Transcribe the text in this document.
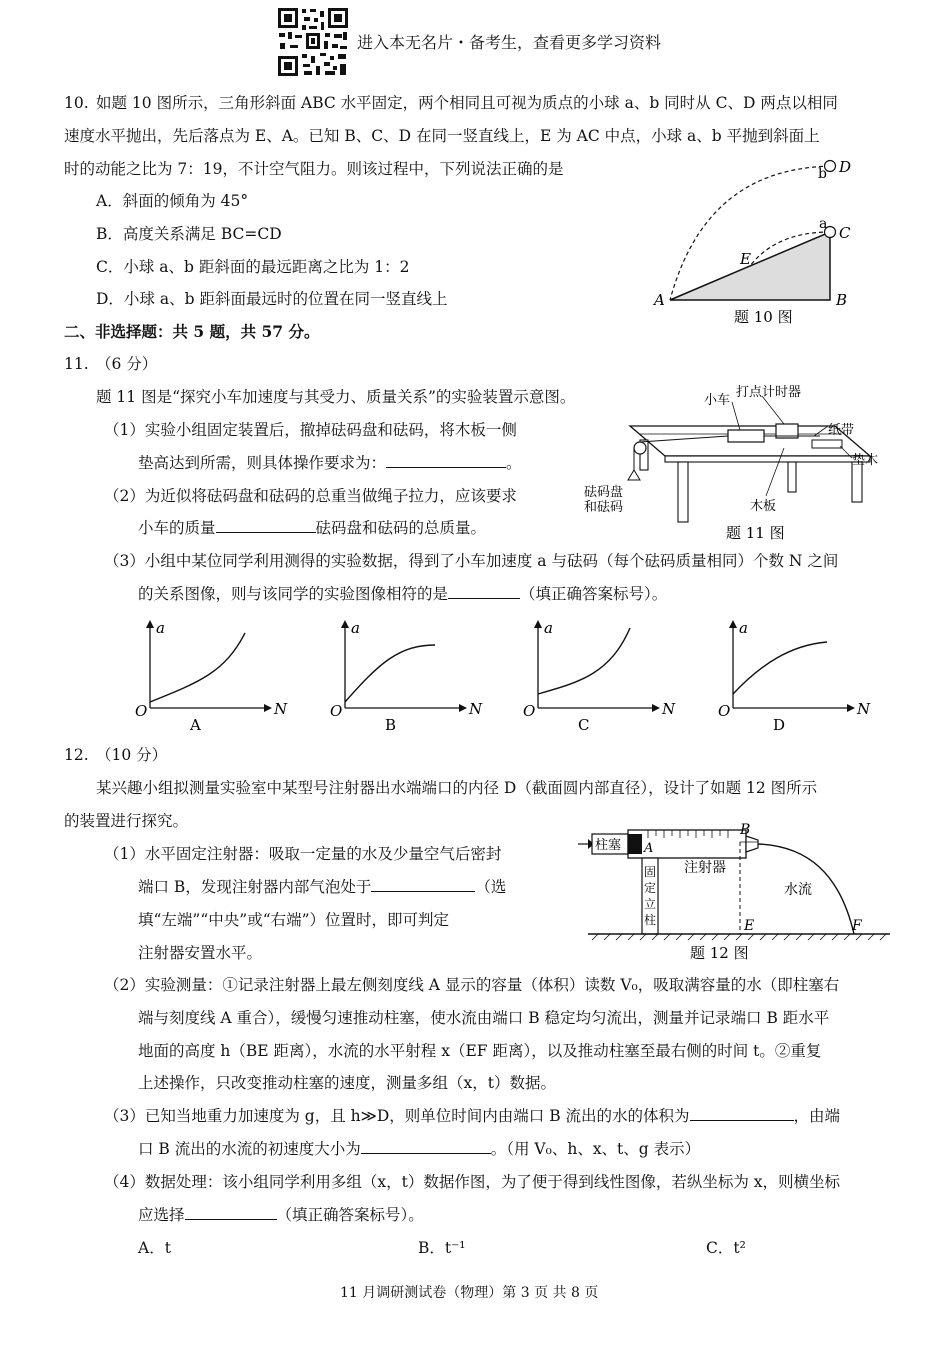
进入本无名片・备考生，查看更多学习资料
10. 如题 10 图所示，三角形斜面 ABC 水平固定，两个相同且可视为质点的小球 a、b 同时从 C、D 两点以相同
速度水平抛出，先后落点为 E、A。已知 B、C、D 在同一竖直线上，E 为 AC 中点，小球 a、b 平抛到斜面上
时的动能之比为 7：19，不计空气阻力。则该过程中，下列说法正确的是
A．斜面的倾角为 45°
B．高度关系满足 BC=CD
C．小球 a、b 距斜面的最远距离之比为 1：2
D．小球 a、b 距斜面最远时的位置在同一竖直线上
D
b
C
a
E
A	B
题 10 图
二、非选择题：共 5 题，共 57 分。
11. （6 分）
题 11 图是“探究小车加速度与其受力、质量关系”的实验装置示意图。
（1）实验小组固定装置后，撤掉砝码盘和砝码，将木板一侧
垫高达到所需，则具体操作要求为：	。
（2）为近似将砝码盘和砝码的总重当做绳子拉力，应该要求
小车的质量	砝码盘和砝码的总质量。
（3）小组中某位同学利用测得的实验数据，得到了小车加速度 a 与砝码（每个砝码质量相同）个数 N 之间
的关系图像，则与该同学的实验图像相符的是	（填正确答案标号）。
小车
打点计时器
纸带
垫木
木板
砝码盘
和砝码
题 11 图
a
N
O
A
a
N
O
B
a
N
O
C
a
N
O
D
12. （10 分）
某兴趣小组拟测量实验室中某型号注射器出水端端口的内径 D（截面圆内部直径），设计了如题 12 图所示
的装置进行探究。
（1）水平固定注射器：吸取一定量的水及少量空气后密封
端口 B，发现注射器内部气泡处于	（选
填“左端”“中央”或“右端”）位置时，即可判定
注射器安置水平。
柱塞 A
B
注射器
固
定
立
柱	E
水流
F
题 12 图
（2）实验测量：①记录注射器上最左侧刻度线 A 显示的容量（体积）读数 V₀，吸取满容量的水（即柱塞右
端与刻度线 A 重合），缓慢匀速推动柱塞，使水流由端口 B 稳定均匀流出，测量并记录端口 B 距水平
地面的高度 h（BE 距离），水流的水平射程 x（EF 距离），以及推动柱塞至最右侧的时间 t。②重复
上述操作，只改变推动柱塞的速度，测量多组（x，t）数据。
（3）已知当地重力加速度为 g，且 h≫D，则单位时间内由端口 B 流出的水的体积为	，由端
口 B 流出的水流的初速度大小为	。（用 V₀、h、x、t、g 表示）
（4）数据处理：该小组同学利用多组（x，t）数据作图，为了便于得到线性图像，若纵坐标为 x，则横坐标
应选择	（填正确答案标号）。
A．t	B．t⁻¹	C．t²
11 月调研测试卷（物理）第 3 页 共 8 页
